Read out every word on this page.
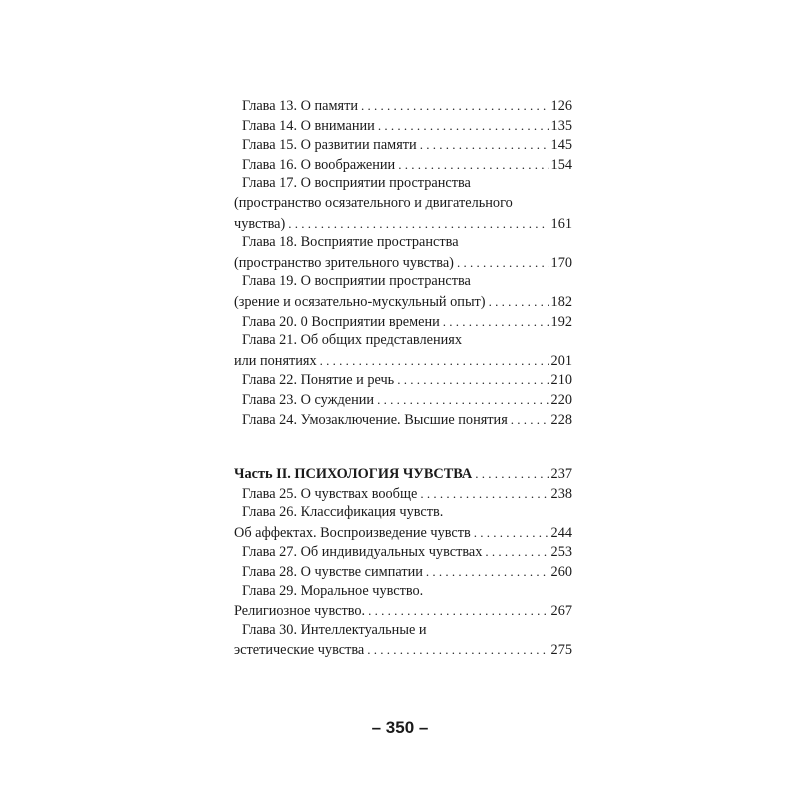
Глава 13. О памяти . . .	126
Глава 14. О внимании . . .	135
Глава 15. О развитии памяти . . .	145
Глава 16. О воображении . . .	154
Глава 17. О восприятии пространства
(пространство осязательного и двигательного
чувства) . . .	161
Глава 18. Восприятие пространства
(пространство зрительного чувства) . . .	170
Глава 19. О восприятии пространства
(зрение и осязательно-мускульный опыт) . . .	182
Глава 20. 0 Восприятии времени . . .	192
Глава 21. Об общих представлениях
или понятиях . . .	201
Глава 22. Понятие и речь . . .	210
Глава 23. О суждении . . .	220
Глава 24. Умозаключение. Высшие понятия . . .	228
Часть II. ПСИХОЛОГИЯ ЧУВСТВА . . .	237
Глава 25. О чувствах вообще . . .	238
Глава 26. Классификация чувств.
Об аффектах. Воспроизведение чувств . . .	244
Глава 27. Об индивидуальных чувствах . . .	253
Глава 28. О чувстве симпатии . . .	260
Глава 29. Моральное чувство.
Религиозное чувство. . . .	267
Глава 30. Интеллектуальные и
эстетические чувства . . .	275
– 350 –
